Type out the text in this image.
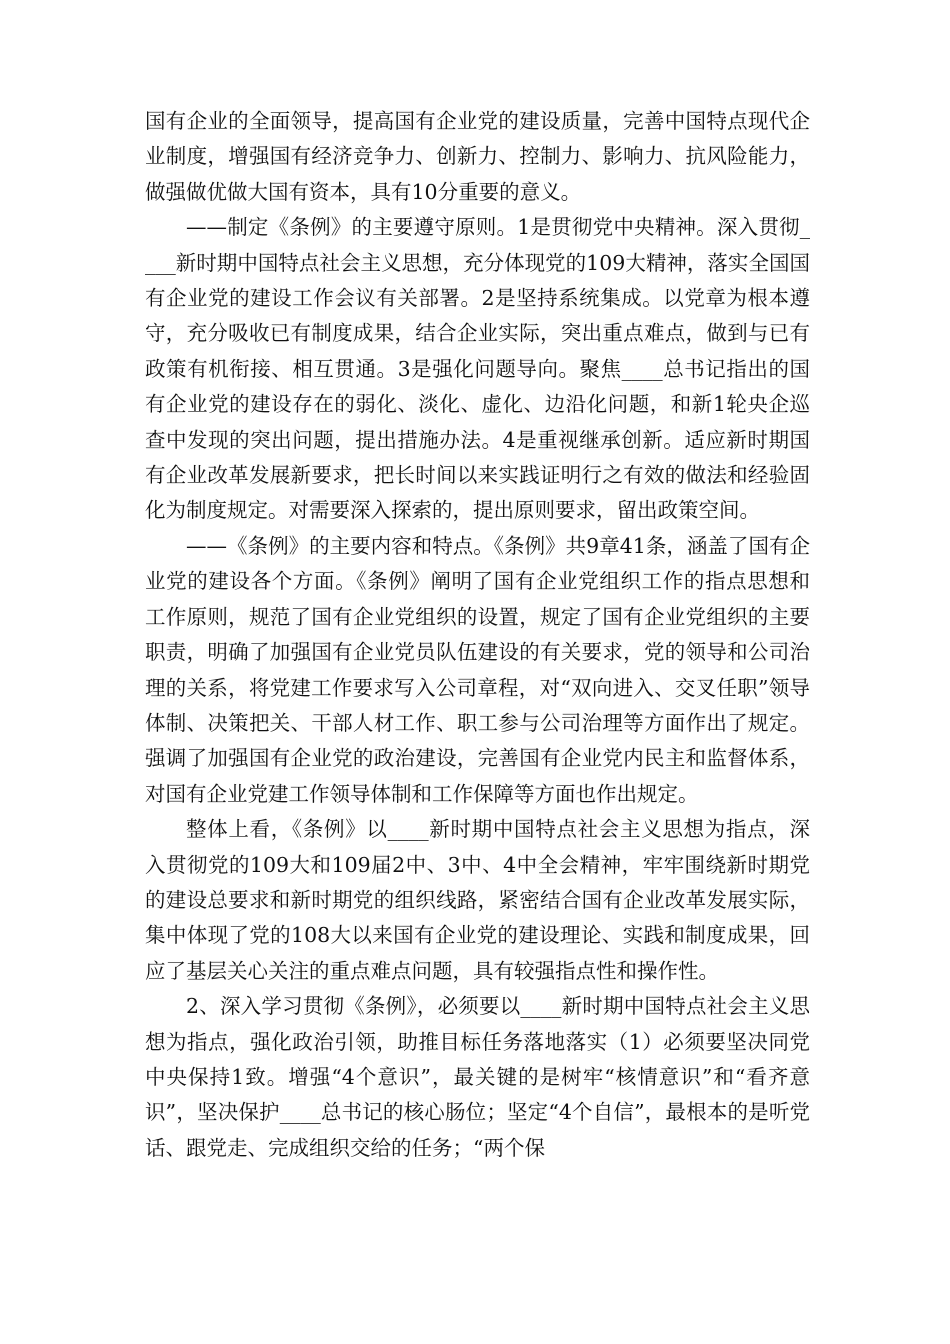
国有企业的全面领导，提高国有企业党的建设质量，完善中国特点现代企业制度，增强国有经济竞争力、创新力、控制力、影响力、抗风险能力，做强做优做大国有资本，具有10分重要的意义。

——制定《条例》的主要遵守原则。1是贯彻党中央精神。深入贯彻____新时期中国特点社会主义思想，充分体现党的109大精神，落实全国国有企业党的建设工作会议有关部署。2是坚持系统集成。以党章为根本遵守，充分吸收已有制度成果，结合企业实际，突出重点难点，做到与已有政策有机衔接、相互贯通。3是强化问题导向。聚焦____总书记指出的国有企业党的建设存在的弱化、淡化、虚化、边沿化问题，和新1轮央企巡查中发现的突出问题，提出措施办法。4是重视继承创新。适应新时期国有企业改革发展新要求，把长时间以来实践证明行之有效的做法和经验固化为制度规定。对需要深入探索的，提出原则要求，留出政策空间。

——《条例》的主要内容和特点。《条例》共9章41条，涵盖了国有企业党的建设各个方面。《条例》阐明了国有企业党组织工作的指点思想和工作原则，规范了国有企业党组织的设置，规定了国有企业党组织的主要职责，明确了加强国有企业党员队伍建设的有关要求，党的领导和公司治理的关系，将党建工作要求写入公司章程，对“双向进入、交叉任职”领导体制、决策把关、干部人材工作、职工参与公司治理等方面作出了规定。强调了加强国有企业党的政治建设，完善国有企业党内民主和监督体系，对国有企业党建工作领导体制和工作保障等方面也作出规定。

整体上看，《条例》以____新时期中国特点社会主义思想为指点，深入贯彻党的109大和109届2中、3中、4中全会精神，牢牢围绕新时期党的建设总要求和新时期党的组织线路，紧密结合国有企业改革发展实际，集中体现了党的108大以来国有企业党的建设理论、实践和制度成果，回应了基层关心关注的重点难点问题，具有较强指点性和操作性。

2、深入学习贯彻《条例》，必须要以____新时期中国特点社会主义思想为指点，强化政治引领，助推目标任务落地落实（1）必须要坚决同党中央保持1致。增强“4个意识”，最关键的是树牢“核情意识”和“看齐意识”，坚决保护____总书记的核心肠位；坚定“4个自信”，最根本的是听党话、跟党走、完成组织交给的任务；“两个保
